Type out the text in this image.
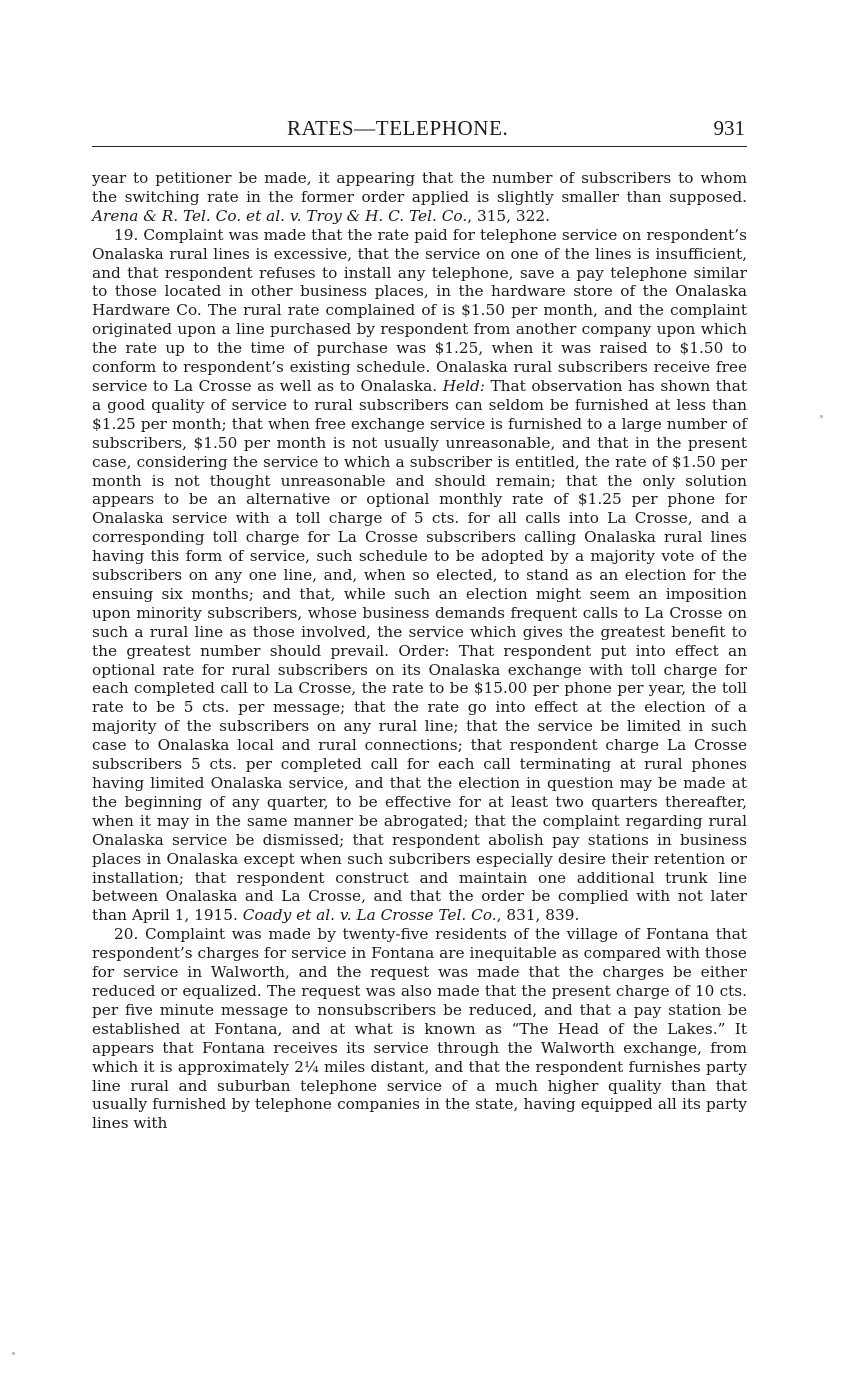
RATES—TELEPHONE.	931

year to petitioner be made, it appearing that the number of subscribers to whom the switching rate in the former order applied is slightly smaller than supposed. Arena & R. Tel. Co. et al. v. Troy & H. C. Tel. Co., 315, 322.

19. Complaint was made that the rate paid for telephone service on respondent’s Onalaska rural lines is excessive, that the service on one of the lines is insufficient, and that respondent refuses to install any telephone, save a pay telephone similar to those located in other business places, in the hardware store of the Onalaska Hardware Co. The rural rate complained of is $1.50 per month, and the complaint originated upon a line purchased by respondent from another company upon which the rate up to the time of purchase was $1.25, when it was raised to $1.50 to conform to respondent’s existing schedule. Onalaska rural subscribers receive free service to La Crosse as well as to Onalaska. Held: That observation has shown that a good quality of service to rural subscribers can seldom be furnished at less than $1.25 per month; that when free exchange service is furnished to a large number of subscribers, $1.50 per month is not usually unreasonable, and that in the present case, considering the service to which a subscriber is entitled, the rate of $1.50 per month is not thought unreasonable and should remain; that the only solution appears to be an alternative or optional monthly rate of $1.25 per phone for Onalaska service with a toll charge of 5 cts. for all calls into La Crosse, and a corresponding toll charge for La Crosse subscribers calling Onalaska rural lines having this form of service, such schedule to be adopted by a majority vote of the subscribers on any one line, and, when so elected, to stand as an election for the ensuing six months; and that, while such an election might seem an imposition upon minority subscribers, whose business demands frequent calls to La Crosse on such a rural line as those involved, the service which gives the greatest benefit to the greatest number should prevail. Order: That respondent put into effect an optional rate for rural subscribers on its Onalaska exchange with toll charge for each completed call to La Crosse, the rate to be $15.00 per phone per year, the toll rate to be 5 cts. per message; that the rate go into effect at the election of a majority of the subscribers on any rural line; that the service be limited in such case to Onalaska local and rural connections; that respondent charge La Crosse subscribers 5 cts. per completed call for each call terminating at rural phones having limited Onalaska service, and that the election in question may be made at the beginning of any quarter, to be effective for at least two quarters thereafter, when it may in the same manner be abrogated; that the complaint regarding rural Onalaska service be dismissed; that respondent abolish pay stations in business places in Onalaska except when such subcribers especially desire their retention or installation; that respondent construct and maintain one additional trunk line between Onalaska and La Crosse, and that the order be complied with not later than April 1, 1915. Coady et al. v. La Crosse Tel. Co., 831, 839.

20. Complaint was made by twenty-five residents of the village of Fontana that respondent’s charges for service in Fontana are inequitable as compared with those for service in Walworth, and the request was made that the charges be either reduced or equalized. The request was also made that the present charge of 10 cts. per five minute message to nonsubscribers be reduced, and that a pay station be established at Fontana, and at what is known as “The Head of the Lakes.” It appears that Fontana receives its service through the Walworth exchange, from which it is approximately 2¼ miles distant, and that the respondent furnishes party line rural and suburban telephone service of a much higher quality than that usually furnished by telephone companies in the state, having equipped all its party lines with
